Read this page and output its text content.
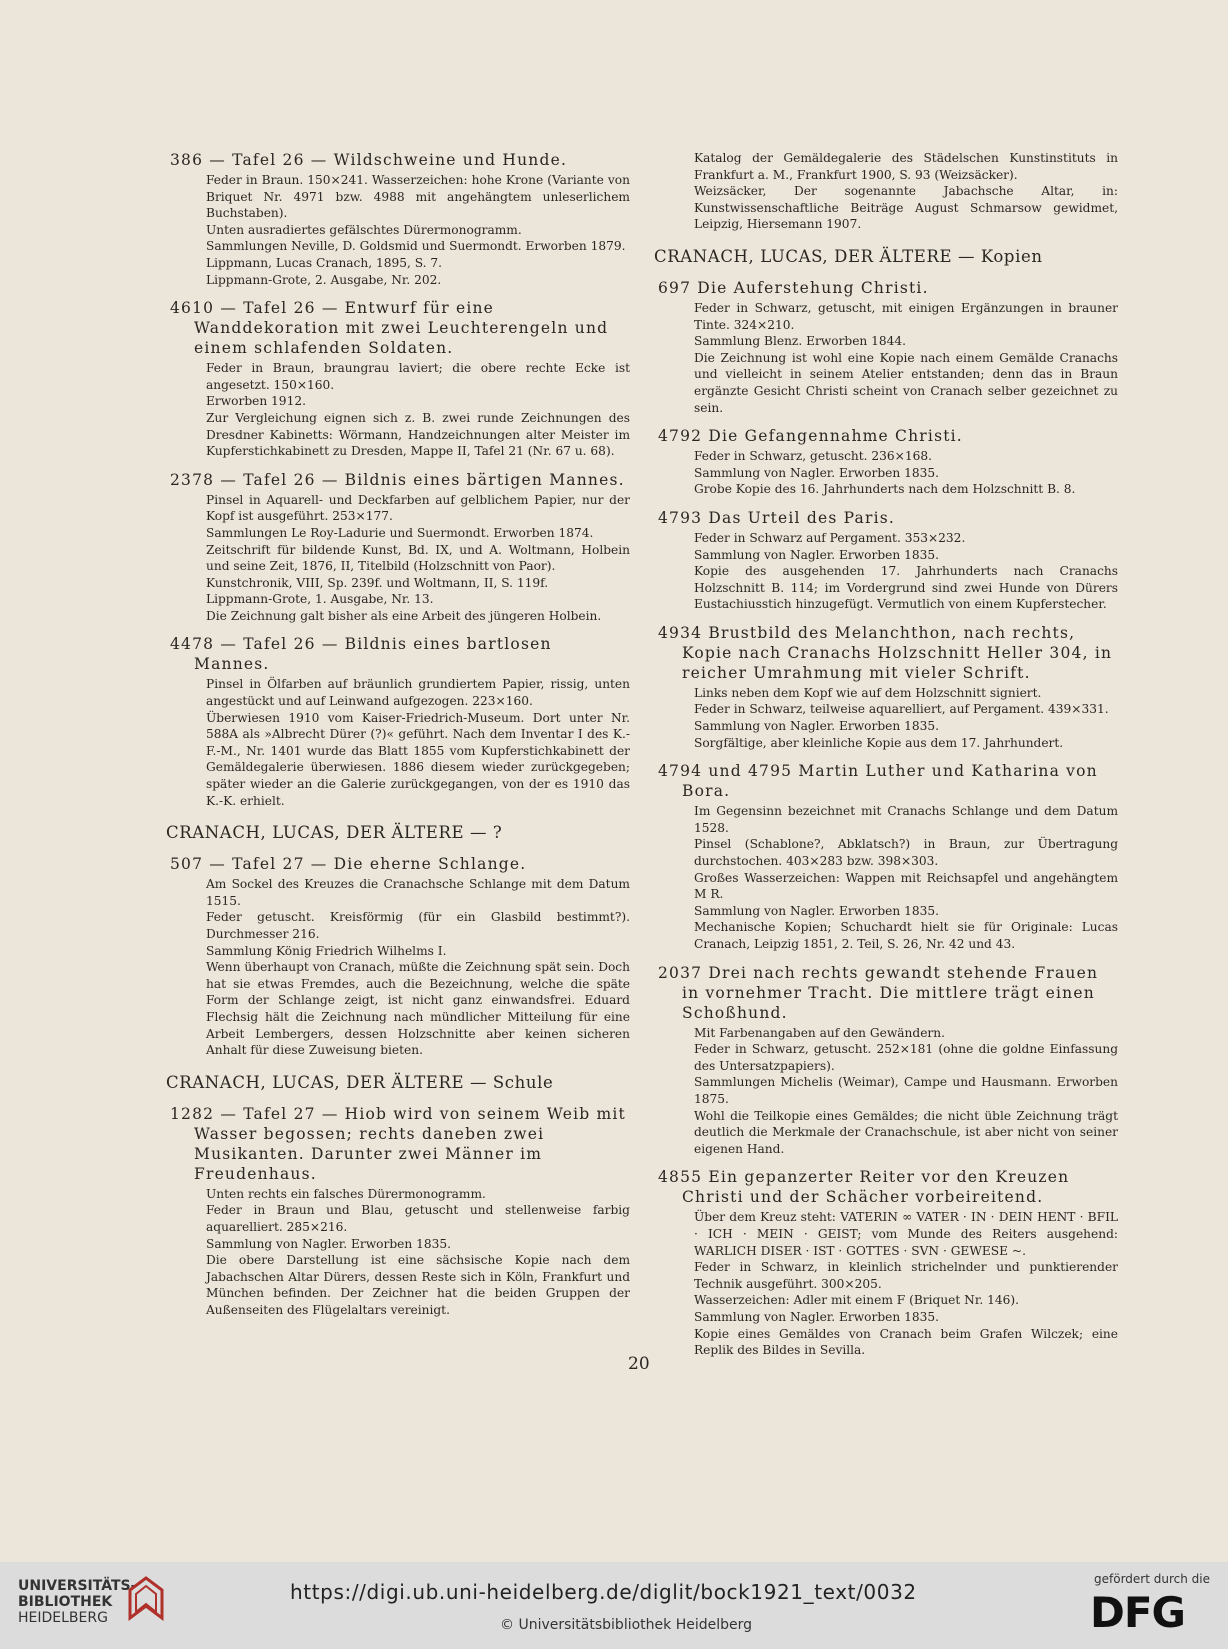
386 — Tafel 26 — Wildschweine und Hunde.
Feder in Braun. 150×241. Wasserzeichen: hohe Krone (Variante von Briquet Nr. 4971 bzw. 4988 mit angehängtem unleserlichem Buchstaben).
Unten ausradiertes gefälschtes Dürermonogramm.
Sammlungen Neville, D. Goldsmid und Suermondt. Erworben 1879.
Lippmann, Lucas Cranach, 1895, S. 7.
Lippmann-Grote, 2. Ausgabe, Nr. 202.
4610 — Tafel 26 — Entwurf für eine Wanddekoration mit zwei Leuchterengeln und einem schlafenden Soldaten.
Feder in Braun, braungrau laviert; die obere rechte Ecke ist angesetzt. 150×160.
Erworben 1912.
Zur Vergleichung eignen sich z. B. zwei runde Zeichnungen des Dresdner Kabinetts: Wörmann, Handzeichnungen alter Meister im Kupferstichkabinett zu Dresden, Mappe II, Tafel 21 (Nr. 67 u. 68).
2378 — Tafel 26 — Bildnis eines bärtigen Mannes.
Pinsel in Aquarell- und Deckfarben auf gelblichem Papier, nur der Kopf ist ausgeführt. 253×177.
Sammlungen Le Roy-Ladurie und Suermondt. Erworben 1874.
Zeitschrift für bildende Kunst, Bd. IX, und A. Woltmann, Holbein und seine Zeit, 1876, II, Titelbild (Holzschnitt von Paor).
Kunstchronik, VIII, Sp. 239f. und Woltmann, II, S. 119f.
Lippmann-Grote, 1. Ausgabe, Nr. 13.
Die Zeichnung galt bisher als eine Arbeit des jüngeren Holbein.
4478 — Tafel 26 — Bildnis eines bartlosen Mannes.
Pinsel in Ölfarben auf bräunlich grundiertem Papier, rissig, unten angestückt und auf Leinwand aufgezogen. 223×160.
Überwiesen 1910 vom Kaiser-Friedrich-Museum. Dort unter Nr. 588A als »Albrecht Dürer (?)« geführt. Nach dem Inventar I des K.-F.-M., Nr. 1401 wurde das Blatt 1855 vom Kupferstichkabinett der Gemäldegalerie überwiesen. 1886 diesem wieder zurückgegeben; später wieder an die Galerie zurückgegangen, von der es 1910 das K.-K. erhielt.
CRANACH, LUCAS, DER ÄLTERE — ?
507 — Tafel 27 — Die eherne Schlange.
Am Sockel des Kreuzes die Cranachsche Schlange mit dem Datum 1515.
Feder getuscht. Kreisförmig (für ein Glasbild bestimmt?). Durchmesser 216.
Sammlung König Friedrich Wilhelms I.
Wenn überhaupt von Cranach, müßte die Zeichnung spät sein. Doch hat sie etwas Fremdes, auch die Bezeichnung, welche die späte Form der Schlange zeigt, ist nicht ganz einwandsfrei. Eduard Flechsig hält die Zeichnung nach mündlicher Mitteilung für eine Arbeit Lembergers, dessen Holzschnitte aber keinen sicheren Anhalt für diese Zuweisung bieten.
CRANACH, LUCAS, DER ÄLTERE — Schule
1282 — Tafel 27 — Hiob wird von seinem Weib mit Wasser begossen; rechts daneben zwei Musikanten. Darunter zwei Männer im Freudenhaus.
Unten rechts ein falsches Dürermonogramm.
Feder in Braun und Blau, getuscht und stellenweise farbig aquarelliert. 285×216.
Sammlung von Nagler. Erworben 1835.
Die obere Darstellung ist eine sächsische Kopie nach dem Jabachschen Altar Dürers, dessen Reste sich in Köln, Frankfurt und München befinden. Der Zeichner hat die beiden Gruppen der Außenseiten des Flügelaltars vereinigt.
Katalog der Gemäldegalerie des Städelschen Kunstinstituts in Frankfurt a. M., Frankfurt 1900, S. 93 (Weizsäcker).
Weizsäcker, Der sogenannte Jabachsche Altar, in: Kunstwissenschaftliche Beiträge August Schmarsow gewidmet, Leipzig, Hiersemann 1907.
CRANACH, LUCAS, DER ÄLTERE — Kopien
697 Die Auferstehung Christi.
Feder in Schwarz, getuscht, mit einigen Ergänzungen in brauner Tinte. 324×210.
Sammlung Blenz. Erworben 1844.
Die Zeichnung ist wohl eine Kopie nach einem Gemälde Cranachs und vielleicht in seinem Atelier entstanden; denn das in Braun ergänzte Gesicht Christi scheint von Cranach selber gezeichnet zu sein.
4792 Die Gefangennahme Christi.
Feder in Schwarz, getuscht. 236×168.
Sammlung von Nagler. Erworben 1835.
Grobe Kopie des 16. Jahrhunderts nach dem Holzschnitt B. 8.
4793 Das Urteil des Paris.
Feder in Schwarz auf Pergament. 353×232.
Sammlung von Nagler. Erworben 1835.
Kopie des ausgehenden 17. Jahrhunderts nach Cranachs Holzschnitt B. 114; im Vordergrund sind zwei Hunde von Dürers Eustachiusstich hinzugefügt. Vermutlich von einem Kupferstecher.
4934 Brustbild des Melanchthon, nach rechts, Kopie nach Cranachs Holzschnitt Heller 304, in reicher Umrahmung mit vieler Schrift.
Links neben dem Kopf wie auf dem Holzschnitt signiert.
Feder in Schwarz, teilweise aquarelliert, auf Pergament. 439×331.
Sammlung von Nagler. Erworben 1835.
Sorgfältige, aber kleinliche Kopie aus dem 17. Jahrhundert.
4794 und 4795 Martin Luther und Katharina von Bora.
Im Gegensinn bezeichnet mit Cranachs Schlange und dem Datum 1528.
Pinsel (Schablone?, Abklatsch?) in Braun, zur Übertragung durchstochen. 403×283 bzw. 398×303.
Großes Wasserzeichen: Wappen mit Reichsapfel und angehängtem M R.
Sammlung von Nagler. Erworben 1835.
Mechanische Kopien; Schuchardt hielt sie für Originale: Lucas Cranach, Leipzig 1851, 2. Teil, S. 26, Nr. 42 und 43.
2037 Drei nach rechts gewandt stehende Frauen in vornehmer Tracht. Die mittlere trägt einen Schoßhund.
Mit Farbenangaben auf den Gewändern.
Feder in Schwarz, getuscht. 252×181 (ohne die goldne Einfassung des Untersatzpapiers).
Sammlungen Michelis (Weimar), Campe und Hausmann. Erworben 1875.
Wohl die Teilkopie eines Gemäldes; die nicht üble Zeichnung trägt deutlich die Merkmale der Cranachschule, ist aber nicht von seiner eigenen Hand.
4855 Ein gepanzerter Reiter vor den Kreuzen Christi und der Schächer vorbeireitend.
Über dem Kreuz steht: VATERIN ∞ VATER · IN · DEIN HENT · BFIL · ICH · MEIN · GEIST; vom Munde des Reiters ausgehend: WARLICH DISER · IST · GOTTES · SVN · GEWESE ~.
Feder in Schwarz, in kleinlich strichelnder und punktierender Technik ausgeführt. 300×205.
Wasserzeichen: Adler mit einem F (Briquet Nr. 146).
Sammlung von Nagler. Erworben 1835.
Kopie eines Gemäldes von Cranach beim Grafen Wilczek; eine Replik des Bildes in Sevilla.
20
UNIVERSITÄTS-
BIBLIOTHEK
HEIDELBERG
https://digi.ub.uni-heidelberg.de/diglit/bock1921_text/0032
© Universitätsbibliothek Heidelberg
gefördert durch die
DFG
